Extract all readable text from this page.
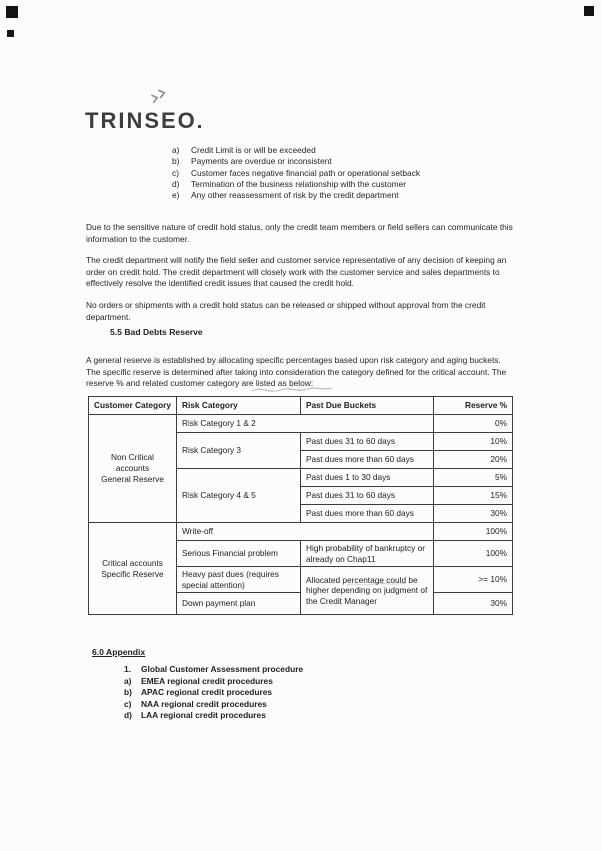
TRINSEO
a)	Credit Limit is or will be exceeded
b)	Payments are overdue or inconsistent
c)	Customer faces negative financial path or operational setback
d)	Termination of the business relationship with the customer
e)	Any other reassessment of risk by the credit department

Due to the sensitive nature of credit hold status, only the credit team members or field sellers can communicate this information to the customer.

The credit department will notify the field seller and customer service representative of any decision of keeping an order on credit hold. The credit department will closely work with the customer service and sales departments to effectively resolve the identified credit issues that caused the credit hold.

No orders or shipments with a credit hold status can be released or shipped without approval from the credit department.

5.5 Bad Debts Reserve

A general reserve is established by allocating specific percentages based upon risk category and aging buckets. The specific reserve is determined after taking into consideration the category defined for the critical account. The reserve % and related customer category are listed as below:

Customer Category	Risk Category	Past Due Buckets	Reserve %

Non Critical accounts
General Reserve	Risk Category 1 & 2		0%
	Risk Category 3	Past dues 31 to 60 days	10%
		Past dues more than 60 days	20%
	Risk Category 4 & 5	Past dues 1 to 30 days	5%
		Past dues 31 to 60 days	15%
		Past dues more than 60 days	30%

Critical accounts
Specific Reserve	Write-off		100%
	Serious Financial problem	High probability of bankruptcy or already on Chap11	100%
	Heavy past dues (requires special attention)	Allocated percentage could be higher depending on judgment of the Credit Manager	>= 10%
	Down payment plan		30%
6.0 Appendix
1.	Global Customer Assessment procedure
a)	EMEA regional credit procedures
b)	APAC regional credit procedures
c)	NAA regional credit procedures
d)	LAA regional credit procedures
